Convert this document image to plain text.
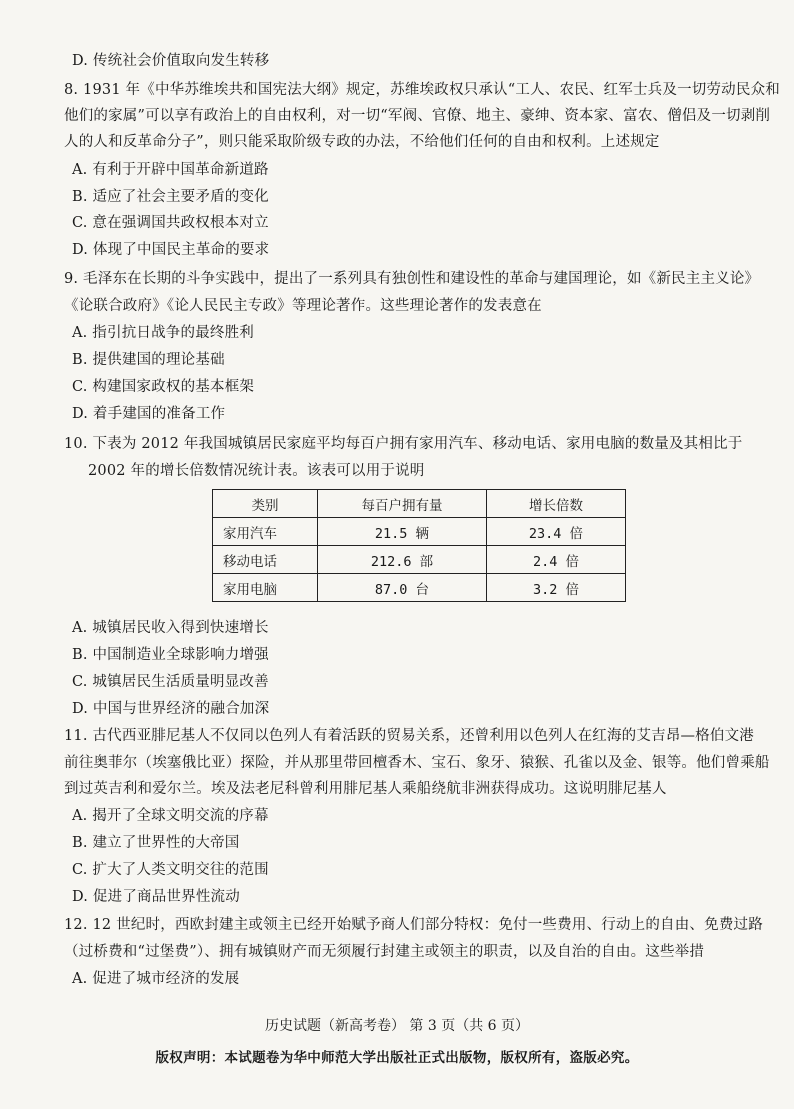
D. 传统社会价值取向发生转移
8. 1931 年《中华苏维埃共和国宪法大纲》规定，苏维埃政权只承认“工人、农民、红军士兵及一切劳动民众和
他们的家属”可以享有政治上的自由权利，对一切“军阀、官僚、地主、豪绅、资本家、富农、僧侣及一切剥削
人的人和反革命分子”，则只能采取阶级专政的办法，不给他们任何的自由和权利。上述规定
A. 有利于开辟中国革命新道路
B. 适应了社会主要矛盾的变化
C. 意在强调国共政权根本对立
D. 体现了中国民主革命的要求
9. 毛泽东在长期的斗争实践中，提出了一系列具有独创性和建设性的革命与建国理论，如《新民主主义论》
《论联合政府》《论人民民主专政》等理论著作。这些理论著作的发表意在
A. 指引抗日战争的最终胜利
B. 提供建国的理论基础
C. 构建国家政权的基本框架
D. 着手建国的准备工作
10. 下表为 2012 年我国城镇居民家庭平均每百户拥有家用汽车、移动电话、家用电脑的数量及其相比于
2002 年的增长倍数情况统计表。该表可以用于说明
类别	每百户拥有量	增长倍数
家用汽车	21.5 辆	23.4 倍
移动电话	212.6 部	2.4 倍
家用电脑	87.0 台	3.2 倍
A. 城镇居民收入得到快速增长
B. 中国制造业全球影响力增强
C. 城镇居民生活质量明显改善
D. 中国与世界经济的融合加深
11. 古代西亚腓尼基人不仅同以色列人有着活跃的贸易关系，还曾利用以色列人在红海的艾吉昂—格伯文港
前往奥菲尔（埃塞俄比亚）探险，并从那里带回檀香木、宝石、象牙、猿猴、孔雀以及金、银等。他们曾乘船
到过英吉利和爱尔兰。埃及法老尼科曾利用腓尼基人乘船绕航非洲获得成功。这说明腓尼基人
A. 揭开了全球文明交流的序幕
B. 建立了世界性的大帝国
C. 扩大了人类文明交往的范围
D. 促进了商品世界性流动
12. 12 世纪时，西欧封建主或领主已经开始赋予商人们部分特权：免付一些费用、行动上的自由、免费过路
（过桥费和“过堡费”）、拥有城镇财产而无须履行封建主或领主的职责，以及自治的自由。这些举措
A. 促进了城市经济的发展
历史试题（新高考卷） 第 3 页（共 6 页）
版权声明：本试题卷为华中师范大学出版社正式出版物，版权所有，盗版必究。
